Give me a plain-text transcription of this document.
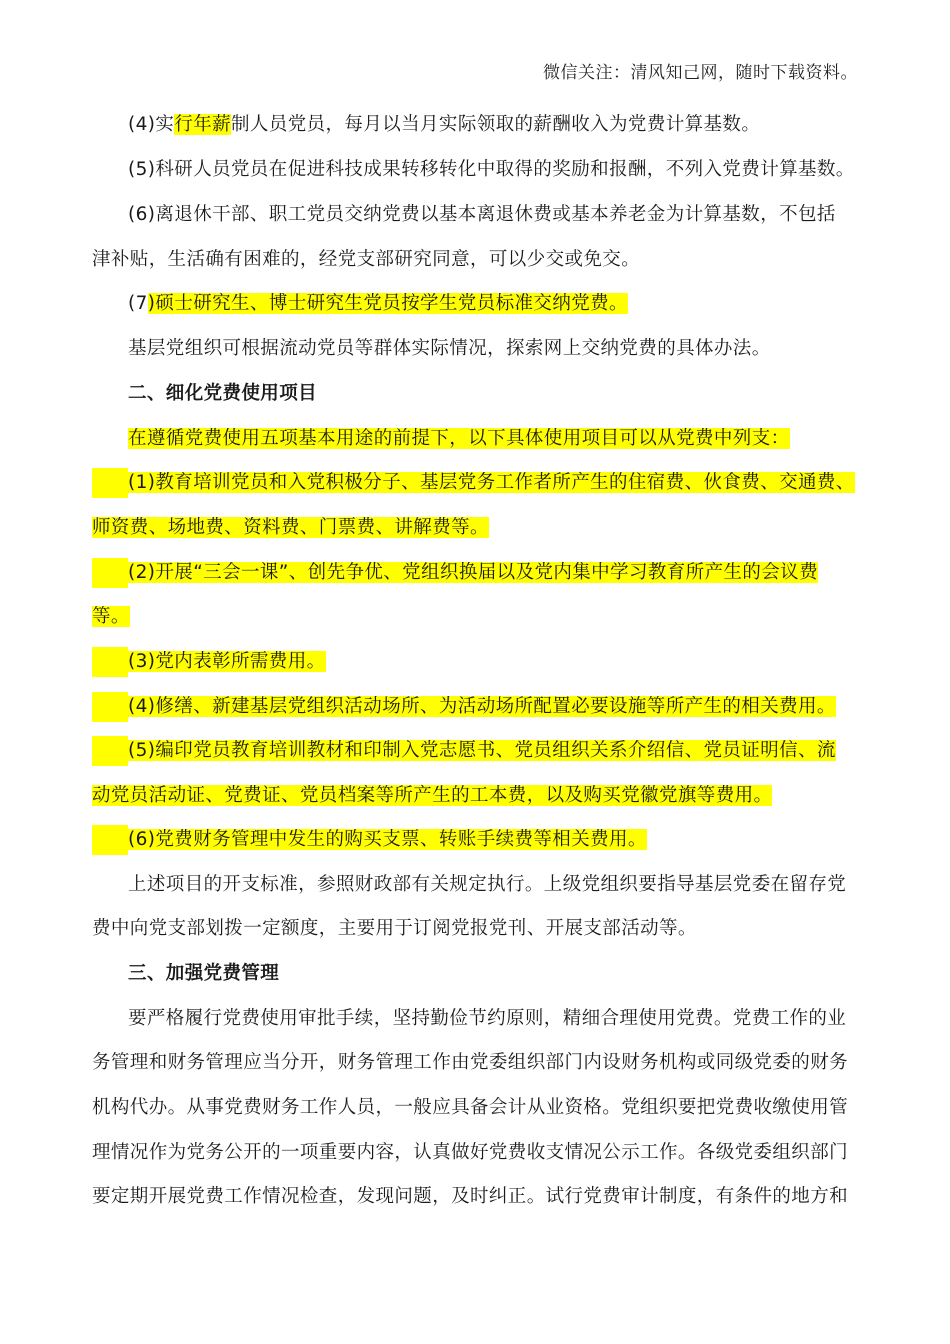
微信关注：清风知己网，随时下载资料。
(4)实行年薪制人员党员，每月以当月实际领取的薪酬收入为党费计算基数。
(5)科研人员党员在促进科技成果转移转化中取得的奖励和报酬，不列入党费计算基数。
(6)离退休干部、职工党员交纳党费以基本离退休费或基本养老金为计算基数，不包括
津补贴，生活确有困难的，经党支部研究同意，可以少交或免交。
(7)硕士研究生、博士研究生党员按学生党员标准交纳党费。
基层党组织可根据流动党员等群体实际情况，探索网上交纳党费的具体办法。
二、细化党费使用项目
在遵循党费使用五项基本用途的前提下，以下具体使用项目可以从党费中列支：
(1)教育培训党员和入党积极分子、基层党务工作者所产生的住宿费、伙食费、交通费、
师资费、场地费、资料费、门票费、讲解费等。
(2)开展“三会一课”、创先争优、党组织换届以及党内集中学习教育所产生的会议费
等。
(3)党内表彰所需费用。
(4)修缮、新建基层党组织活动场所、为活动场所配置必要设施等所产生的相关费用。
(5)编印党员教育培训教材和印制入党志愿书、党员组织关系介绍信、党员证明信、流
动党员活动证、党费证、党员档案等所产生的工本费，以及购买党徽党旗等费用。
(6)党费财务管理中发生的购买支票、转账手续费等相关费用。
上述项目的开支标准，参照财政部有关规定执行。上级党组织要指导基层党委在留存党
费中向党支部划拨一定额度，主要用于订阅党报党刊、开展支部活动等。
三、加强党费管理
要严格履行党费使用审批手续，坚持勤俭节约原则，精细合理使用党费。党费工作的业
务管理和财务管理应当分开，财务管理工作由党委组织部门内设财务机构或同级党委的财务
机构代办。从事党费财务工作人员，一般应具备会计从业资格。党组织要把党费收缴使用管
理情况作为党务公开的一项重要内容，认真做好党费收支情况公示工作。各级党委组织部门
要定期开展党费工作情况检查，发现问题，及时纠正。试行党费审计制度，有条件的地方和
